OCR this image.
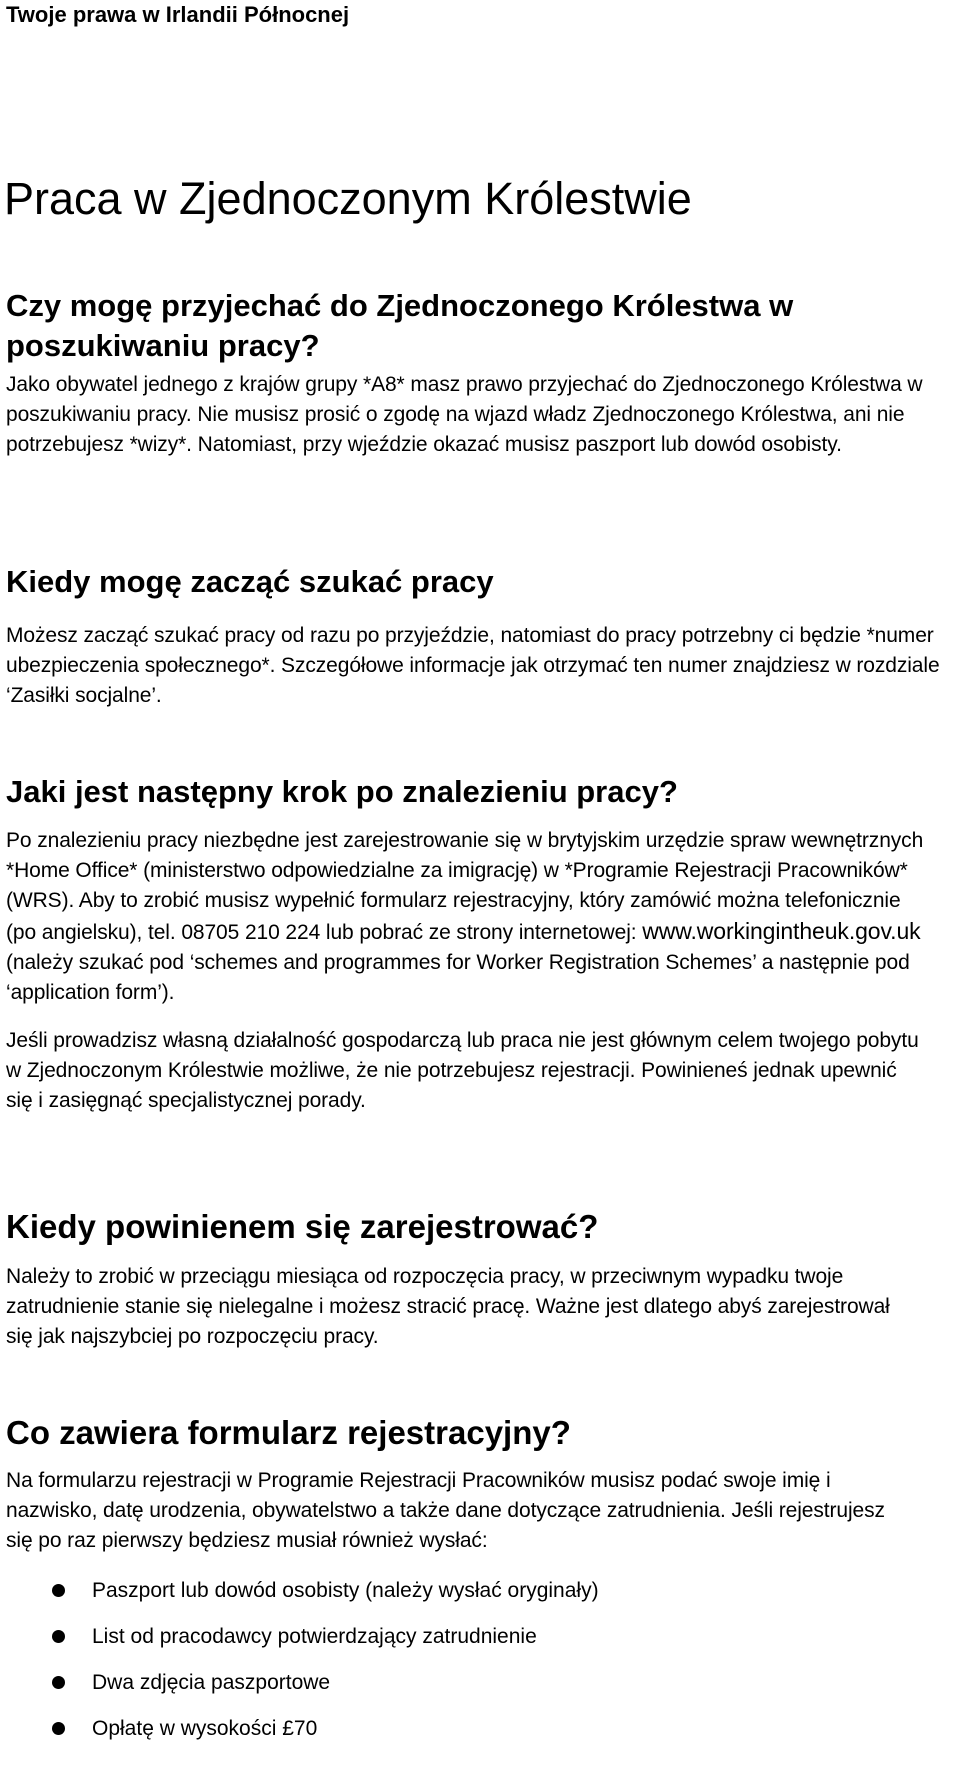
Twoje prawa w Irlandii Północnej
Praca w Zjednoczonym Królestwie
Czy mogę przyjechać do Zjednoczonego Królestwa w poszukiwaniu pracy?

Jako obywatel jednego z krajów grupy *A8* masz prawo przyjechać do Zjednoczonego Królestwa w poszukiwaniu pracy. Nie musisz prosić o zgodę na wjazd władz Zjednoczonego Królestwa, ani nie potrzebujesz *wizy*. Natomiast, przy wjeździe okazać musisz paszport lub dowód osobisty.

Kiedy mogę zacząć szukać pracy

Możesz zacząć szukać pracy od razu po przyjeździe, natomiast do pracy potrzebny ci będzie *numer ubezpieczenia społecznego*. Szczegółowe informacje jak otrzymać ten numer znajdziesz w rozdziale ‘Zasiłki socjalne’.

Jaki jest następny krok po znalezieniu pracy?

Po znalezieniu pracy niezbędne jest zarejestrowanie się w brytyjskim urzędzie spraw wewnętrznych *Home Office* (ministerstwo odpowiedzialne za imigrację) w *Programie Rejestracji Pracowników* (WRS). Aby to zrobić musisz wypełnić formularz rejestracyjny, który zamówić można telefonicznie (po angielsku), tel. 08705 210 224 lub pobrać ze strony internetowej: www.workingintheuk.gov.uk (należy szukać pod ‘schemes and programmes for Worker Registration Schemes’ a następnie pod ‘application form’).

Jeśli prowadzisz własną działalność gospodarczą lub praca nie jest głównym celem twojego pobytu w Zjednoczonym Królestwie możliwe, że nie potrzebujesz rejestracji. Powinieneś jednak upewnić się i zasięgnąć specjalistycznej porady.

Kiedy powinienem się zarejestrować?

Należy to zrobić w przeciągu miesiąca od rozpoczęcia pracy, w przeciwnym wypadku twoje zatrudnienie stanie się nielegalne i możesz stracić pracę. Ważne jest dlatego abyś zarejestrował się jak najszybciej po rozpoczęciu pracy.

Co zawiera formularz rejestracyjny?

Na formularzu rejestracji w Programie Rejestracji Pracowników musisz podać swoje imię i nazwisko, datę urodzenia, obywatelstwo a także dane dotyczące zatrudnienia. Jeśli rejestrujesz się po raz pierwszy będziesz musiał również wysłać:

Paszport lub dowód osobisty (należy wysłać oryginały)
List od pracodawcy potwierdzający zatrudnienie
Dwa zdjęcia paszportowe
Opłatę w wysokości £70
